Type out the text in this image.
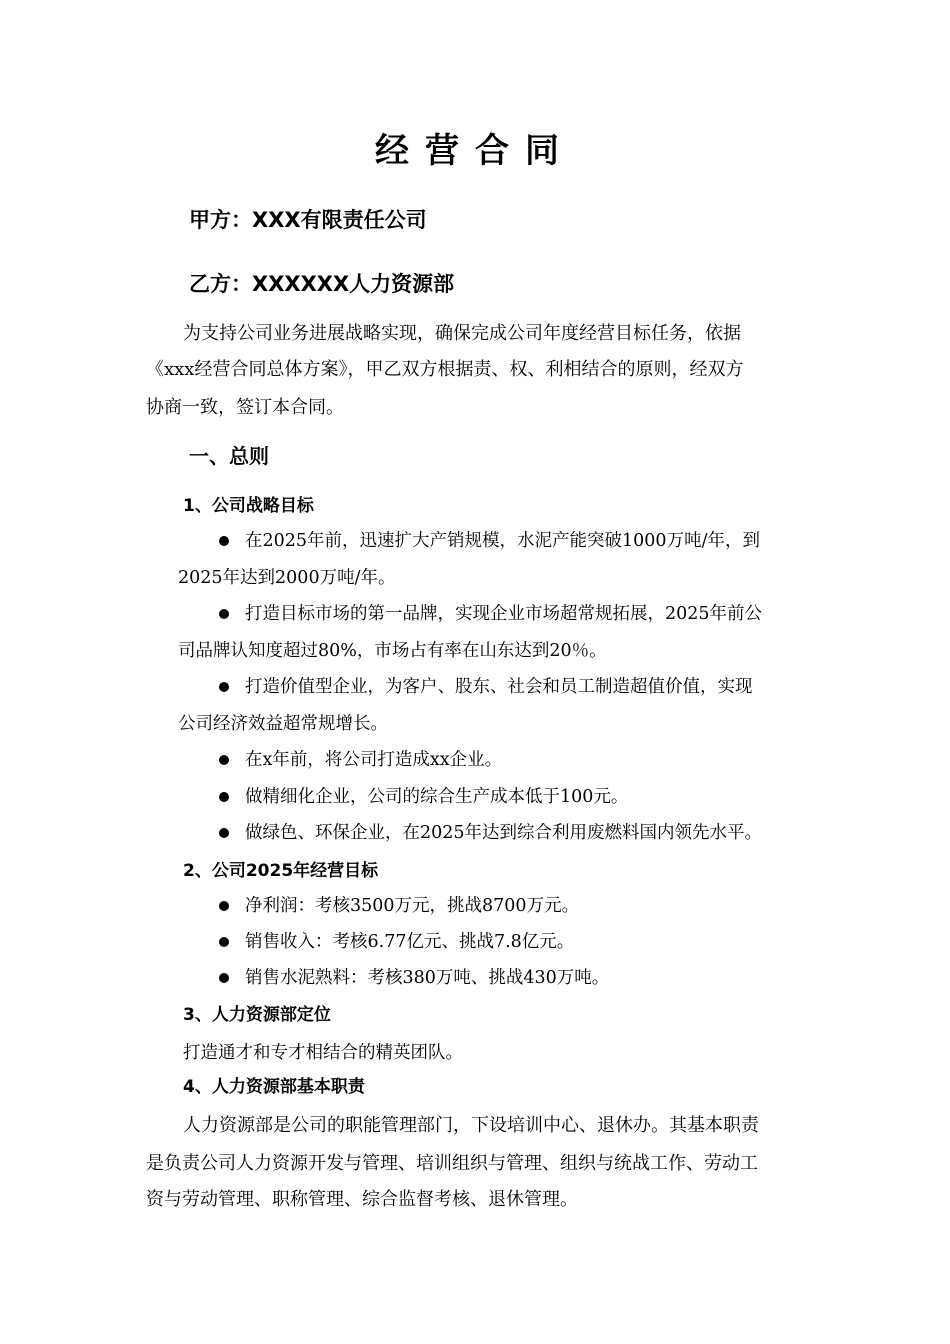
经营合同
甲方：XXX有限责任公司
乙方：XXXXXX人力资源部
为支持公司业务进展战略实现，确保完成公司年度经营目标任务，依据
《xxx经营合同总体方案》，甲乙双方根据责、权、利相结合的原则，经双方
协商一致，签订本合同。
一、总则
1、公司战略目标
在2025年前，迅速扩大产销规模，水泥产能突破1000万吨/年，到
2025年达到2000万吨/年。
打造目标市场的第一品牌，实现企业市场超常规拓展，2025年前公
司品牌认知度超过80%，市场占有率在山东达到20％。
打造价值型企业，为客户、股东、社会和员工制造超值价值，实现
公司经济效益超常规增长。
在x年前，将公司打造成xx企业。
做精细化企业，公司的综合生产成本低于100元。
做绿色、环保企业，在2025年达到综合利用废燃料国内领先水平。
2、公司2025年经营目标
净利润：考核3500万元，挑战8700万元。
销售收入：考核6.77亿元、挑战7.8亿元。
销售水泥熟料：考核380万吨、挑战430万吨。
3、人力资源部定位
打造通才和专才相结合的精英团队。
4、人力资源部基本职责
人力资源部是公司的职能管理部门，下设培训中心、退休办。其基本职责
是负责公司人力资源开发与管理、培训组织与管理、组织与统战工作、劳动工
资与劳动管理、职称管理、综合监督考核、退休管理。
